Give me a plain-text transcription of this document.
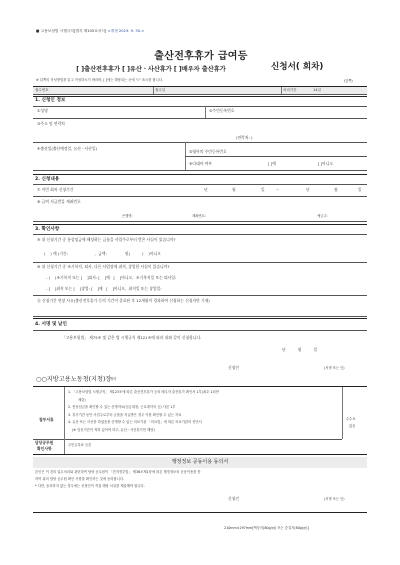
■ 고용보험법 시행규칙[별지 제105호서식] <개정 2019. 9. 30.>
출산전후휴가 급여등
[ ]출산전후휴가 [ ]유산ㆍ사산휴가 [ ]배우자 출산휴가	신청서( 회차)
※ 뒤쪽의 작성방법을 읽고 작성하시기 바라며, [ ]에는 해당되는 곳에 "√" 표시를 합니다.	(앞쪽)
접수번호	접수일	처리기간	14일
1. 신청인 정보
①성명	②주민등록번호
③주소 및 연락처
(연락처: )
④출산일(출산예정일, 유산ㆍ사산일)
⑤영아의 주민등록번호
⑥다태아 여부	[ ]예	[ ]아니오
2. 신청내용
⑦ 이번 회차 신청기간	년	월	일	~	년	월	일
⑧ 급여 지급받을 계좌번호
은행명:	계좌번호:	예금주:
3. 확인사항
⑨ 위 신청기간 중 통상임금에 해당하는 금품을 사업주로부터 받은 사실이 있습니까?
(    ) 예 (기간:                      ,  금액:               원)          (    )아니오
⑩ 위 신청기간 중 조기복직, 퇴사, 다른 사업장에 취직, 창업한 사실이 있습니까?
- (    )조기복직 또는 [    ]퇴사: [    ]예   [    ]아니오,  조기복직일 또는 퇴사일:
- [    ]취직 또는 [    ]창업: [    ]예   [    ]아니오,  취직일 또는 창업일:
⑪ 신청기간 연장 사유(출산전후휴가 등의 기간이 종료된 후 12개월이 경과하여 신청하는 신청자만 기재)
4. 서명 및 날인
「고용보험법」 제75조 및 같은 법 시행규칙 제121조에 따라 위와 같이 신청합니다.
년          월          일
신청인	(서명 또는 인)
○○지방고용노동청(지청)장
귀하
첨부서류
1. 「고용보험법 시행규칙」 제123조에 따른 출산전후휴가 등의 배우자 출산휴가 확인서 1부(최초 1회만
제출)
2. 통상임금을 확인할 수 있는 증명자료(임금대장, 근로계약서 등) 사본 1부
3. 휴가기간 동안 사업주로부터 금품을 지급받은 경우 이를 확인할 수 있는 자료
4. 유산 또는 사산을 하였음을 증명할 수 있는 의료기관 「의료법」에 따른 의료기관의 진단서
(※ 임신기간이 적혀 있어야 하고, 유산ㆍ사산휴가만 해당)
수수료
없음
담당공무원
확인사항
주민등록표 등본
행정정보 공동이용 동의서
본인은 이 건의 업무처리와 관련하여 담당 공무원이 「전자정부법」 제36조제1항에 따른 행정정보의 공동이용을 통
하여 위의 담당 공무원 확인 사항을 확인하는 것에 동의합니다.
* 다만, 동의하지 않는 경우에는 신청인이 직접 해당 서류를 제출해야 합니다.
신청인	(서명 또는 인)
210mm×297mm[백상지(80g/㎡) 또는 중질지(80g/㎡)]
